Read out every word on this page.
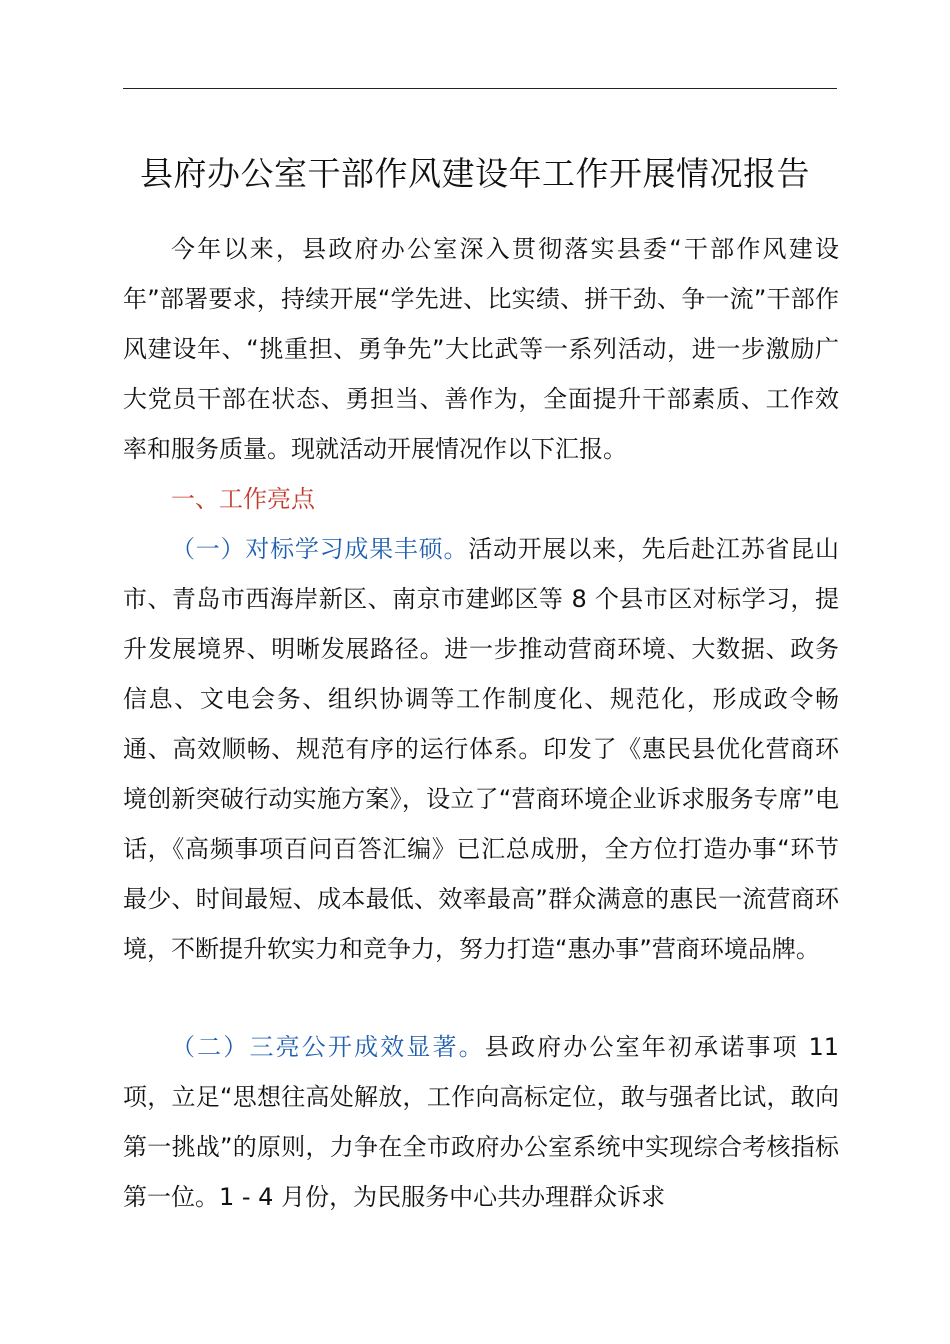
县府办公室干部作风建设年工作开展情况报告

今年以来，县政府办公室深入贯彻落实县委“干部作风建设年”部署要求，持续开展“学先进、比实绩、拼干劲、争一流”干部作风建设年、“挑重担、勇争先”大比武等一系列活动，进一步激励广大党员干部在状态、勇担当、善作为，全面提升干部素质、工作效率和服务质量。现就活动开展情况作以下汇报。

一、工作亮点

（一）对标学习成果丰硕。活动开展以来，先后赴江苏省昆山市、青岛市西海岸新区、南京市建邺区等 8 个县市区对标学习，提升发展境界、明晰发展路径。进一步推动营商环境、大数据、政务信息、文电会务、组织协调等工作制度化、规范化，形成政令畅通、高效顺畅、规范有序的运行体系。印发了《惠民县优化营商环境创新突破行动实施方案》，设立了“营商环境企业诉求服务专席”电话，《高频事项百问百答汇编》已汇总成册，全方位打造办事“环节最少、时间最短、成本最低、效率最高”群众满意的惠民一流营商环境，不断提升软实力和竞争力，努力打造“惠办事”营商环境品牌。

（二）三亮公开成效显著。县政府办公室年初承诺事项 11 项，立足“思想往高处解放，工作向高标定位，敢与强者比试，敢向第一挑战”的原则，力争在全市政府办公室系统中实现综合考核指标第一位。1 - 4 月份，为民服务中心共办理群众诉求
